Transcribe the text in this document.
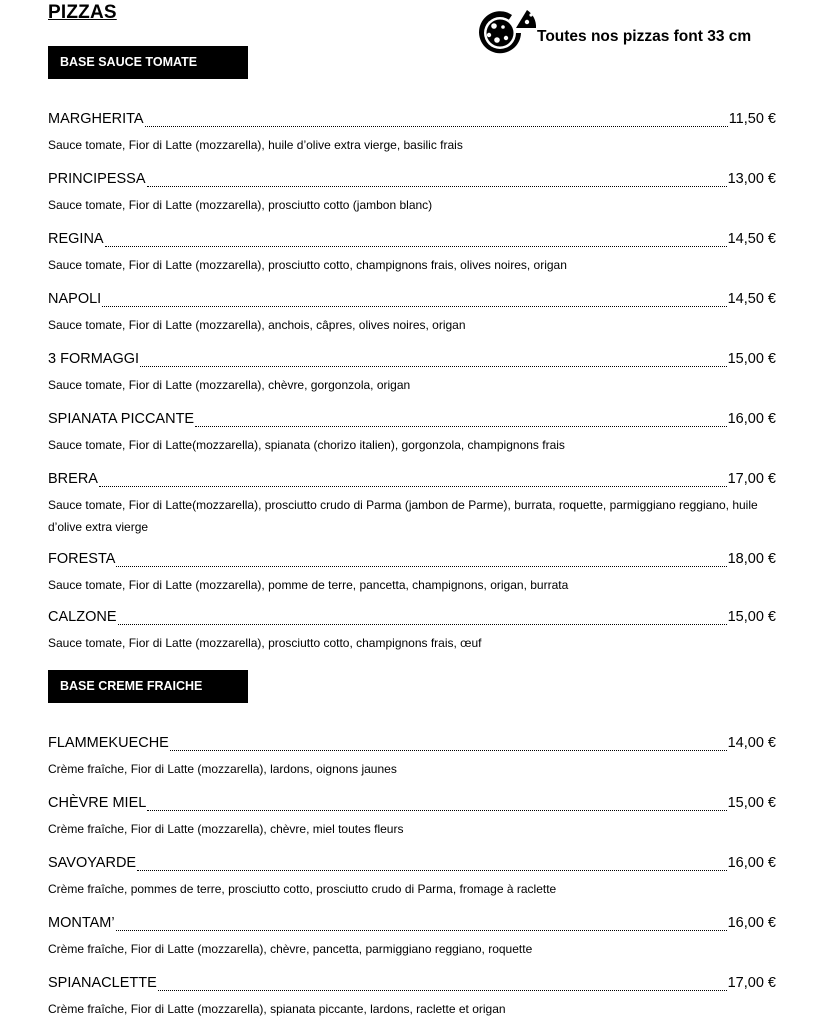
PIZZAS
Toutes nos pizzas font 33 cm
BASE SAUCE TOMATE
MARGHERITA	11,50 €
Sauce tomate, Fior di Latte (mozzarella), huile d’olive extra vierge, basilic frais
PRINCIPESSA	13,00 €
Sauce tomate, Fior di Latte (mozzarella), prosciutto cotto (jambon blanc)
REGINA	14,50 €
Sauce tomate, Fior di Latte (mozzarella), prosciutto cotto, champignons frais, olives noires, origan
NAPOLI	14,50 €
Sauce tomate, Fior di Latte (mozzarella), anchois, câpres, olives noires, origan
3 FORMAGGI	15,00 €
Sauce tomate, Fior di Latte (mozzarella), chèvre, gorgonzola, origan
SPIANATA PICCANTE	16,00 €
Sauce tomate, Fior di Latte(mozzarella), spianata (chorizo italien), gorgonzola, champignons frais
BRERA	17,00 €
Sauce tomate, Fior di Latte(mozzarella), prosciutto crudo di Parma (jambon de Parme), burrata, roquette, parmiggiano reggiano, huile d’olive extra vierge
FORESTA	18,00 €
Sauce tomate, Fior di Latte (mozzarella), pomme de terre, pancetta, champignons, origan, burrata
CALZONE	15,00 €
Sauce tomate, Fior di Latte (mozzarella), prosciutto cotto, champignons frais, œuf
BASE CREME FRAICHE
FLAMMEKUECHE	14,00 €
Crème fraîche, Fior di Latte (mozzarella), lardons, oignons jaunes
CHÈVRE MIEL	15,00 €
Crème fraîche, Fior di Latte (mozzarella), chèvre, miel toutes fleurs
SAVOYARDE	16,00 €
Crème fraîche, pommes de terre, prosciutto cotto, prosciutto crudo di Parma, fromage à raclette
MONTAM’	16,00 €
Crème fraîche, Fior di Latte (mozzarella), chèvre, pancetta, parmiggiano reggiano, roquette
SPIANACLETTE	17,00 €
Crème fraîche, Fior di Latte (mozzarella), spianata piccante, lardons, raclette et origan
